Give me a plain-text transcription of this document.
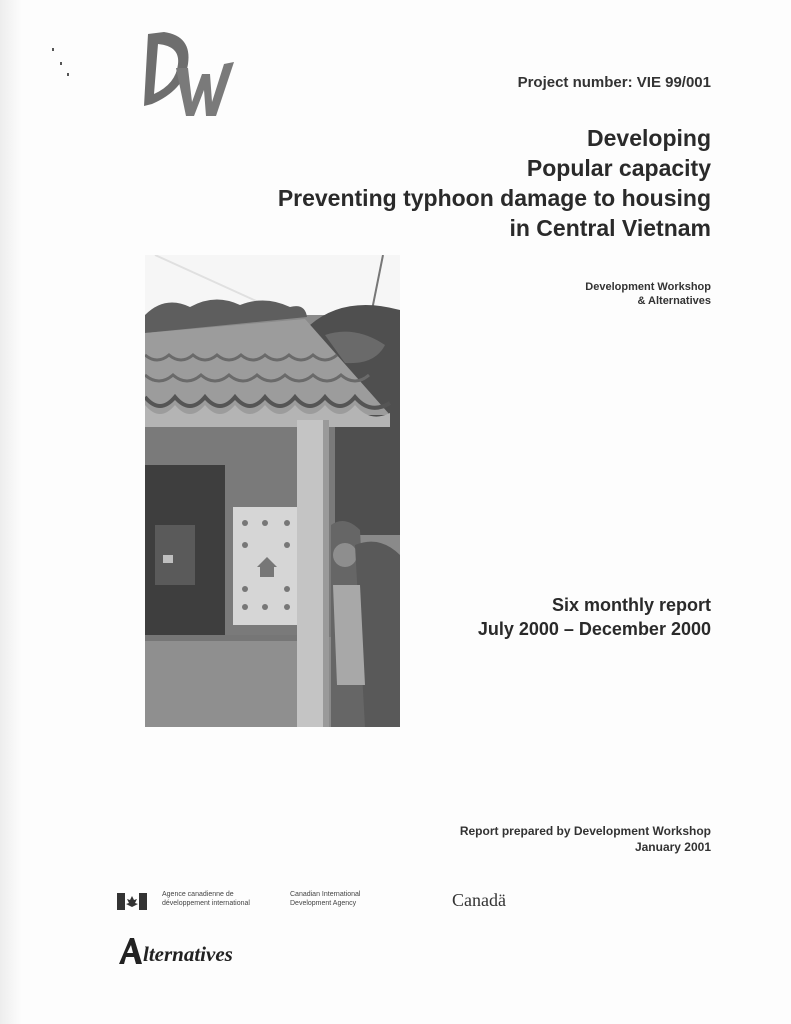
Project number: VIE 99/001
Developing
Popular capacity
Preventing typhoon damage to housing
in Central Vietnam
Development Workshop
& Alternatives
Six monthly report
July 2000 – December 2000
Report prepared by Development Workshop
January 2001
Agence canadienne de
développement international
Canadian International
Development Agency	Canadä
lternatives
